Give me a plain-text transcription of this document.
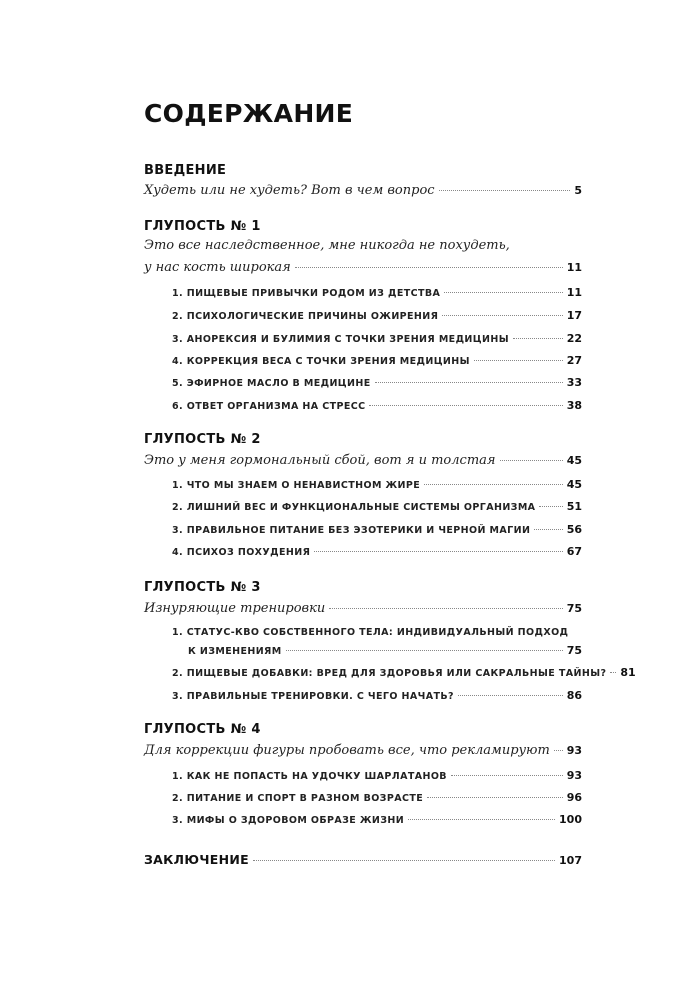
СОДЕРЖАНИЕ
ВВЕДЕНИЕ
Худеть или не худеть? Вот в чем вопрос	5
ГЛУПОСТЬ № 1
Это все наследственное, мне никогда не похудеть,
у нас кость широкая	11
1. ПИЩЕВЫЕ ПРИВЫЧКИ РОДОМ ИЗ ДЕТСТВА	11
2. ПСИХОЛОГИЧЕСКИЕ ПРИЧИНЫ ОЖИРЕНИЯ	17
3. АНОРЕКСИЯ И БУЛИМИЯ С ТОЧКИ ЗРЕНИЯ МЕДИЦИНЫ	22
4. КОРРЕКЦИЯ ВЕСА С ТОЧКИ ЗРЕНИЯ МЕДИЦИНЫ	27
5. ЭФИРНОЕ МАСЛО В МЕДИЦИНЕ	33
6. ОТВЕТ ОРГАНИЗМА НА СТРЕСС	38
ГЛУПОСТЬ № 2
Это у меня гормональный сбой, вот я и толстая	45
1. ЧТО МЫ ЗНАЕМ О НЕНАВИСТНОМ ЖИРЕ	45
2. ЛИШНИЙ ВЕС И ФУНКЦИОНАЛЬНЫЕ СИСТЕМЫ ОРГАНИЗМА	51
3. ПРАВИЛЬНОЕ ПИТАНИЕ БЕЗ ЭЗОТЕРИКИ И ЧЕРНОЙ МАГИИ	56
4. ПСИХОЗ ПОХУДЕНИЯ	67
ГЛУПОСТЬ № 3
Изнуряющие тренировки	75
1. СТАТУС-КВО СОБСТВЕННОГО ТЕЛА: ИНДИВИДУАЛЬНЫЙ ПОДХОД
К ИЗМЕНЕНИЯМ	75
2. ПИЩЕВЫЕ ДОБАВКИ: ВРЕД ДЛЯ ЗДОРОВЬЯ ИЛИ САКРАЛЬНЫЕ ТАЙНЫ? 81
3. ПРАВИЛЬНЫЕ ТРЕНИРОВКИ. С ЧЕГО НАЧАТЬ?	86
ГЛУПОСТЬ № 4
Для коррекции фигуры пробовать все, что рекламируют 93
1. КАК НЕ ПОПАСТЬ НА УДОЧКУ ШАРЛАТАНОВ	93
2. ПИТАНИЕ И СПОРТ В РАЗНОМ ВОЗРАСТЕ	96
3. МИФЫ О ЗДОРОВОМ ОБРАЗЕ ЖИЗНИ	100
ЗАКЛЮЧЕНИЕ	107
